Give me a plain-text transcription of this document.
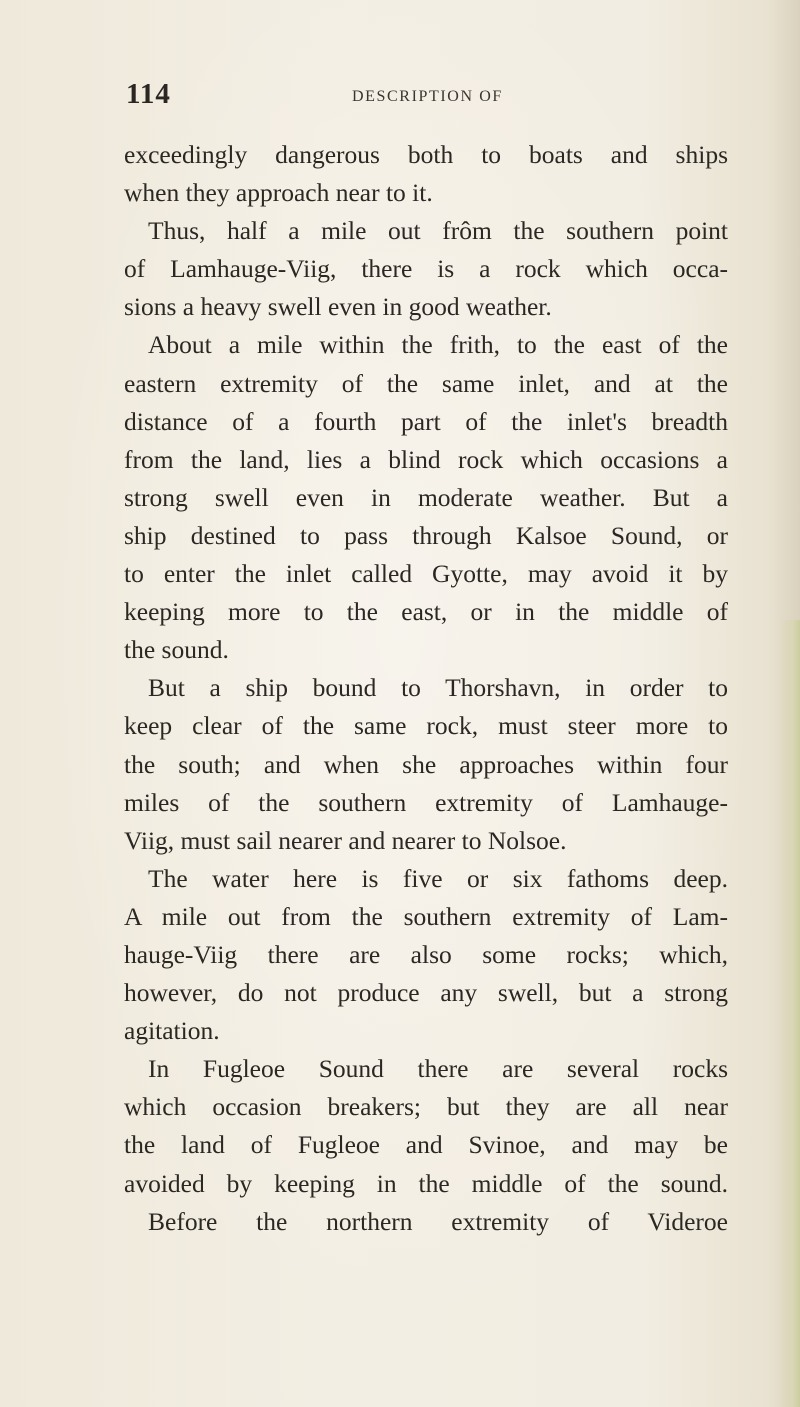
114	DESCRIPTION OF
exceedingly dangerous both to boats and ships
when they approach near to it.
Thus, half a mile out frôm the southern point
of Lamhauge-Viig, there is a rock which occa-
sions a heavy swell even in good weather.
About a mile within the frith, to the east of the
eastern extremity of the same inlet, and at the
distance of a fourth part of the inlet's breadth
from the land, lies a blind rock which occasions a
strong swell even in moderate weather. But a
ship destined to pass through Kalsoe Sound, or
to enter the inlet called Gyotte, may avoid it by
keeping more to the east, or in the middle of
the sound.
But a ship bound to Thorshavn, in order to
keep clear of the same rock, must steer more to
the south; and when she approaches within four
miles of the southern extremity of Lamhauge-
Viig, must sail nearer and nearer to Nolsoe.
The water here is five or six fathoms deep.
A mile out from the southern extremity of Lam-
hauge-Viig there are also some rocks; which,
however, do not produce any swell, but a strong
agitation.
In Fugleoe Sound there are several rocks
which occasion breakers; but they are all near
the land of Fugleoe and Svinoe, and may be
avoided by keeping in the middle of the sound.
Before the northern extremity of Videroe
